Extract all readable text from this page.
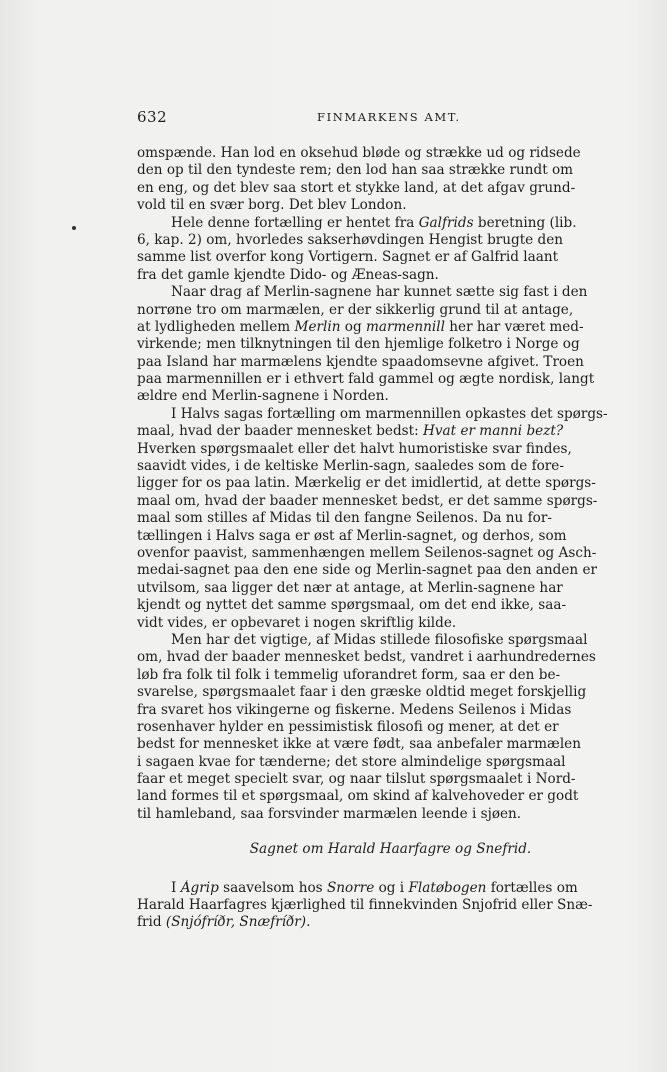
632	FINMARKENS AMT.
omspænde. Han lod en oksehud bløde og strække ud og ridsede
den op til den tyndeste rem; den lod han saa strække rundt om
en eng, og det blev saa stort et stykke land, at det afgav grund-
vold til en svær borg. Det blev London.
Hele denne fortælling er hentet fra Galfrids beretning (lib.
6, kap. 2) om, hvorledes sakserhøvdingen Hengist brugte den
samme list overfor kong Vortigern. Sagnet er af Galfrid laant
fra det gamle kjendte Dido- og Æneas-sagn.
Naar drag af Merlin-sagnene har kunnet sætte sig fast i den
norrøne tro om marmælen, er der sikkerlig grund til at antage,
at lydligheden mellem Merlin og marmennill her har været med-
virkende; men tilknytningen til den hjemlige folketro i Norge og
paa Island har marmælens kjendte spaadomsevne afgivet. Troen
paa marmennillen er i ethvert fald gammel og ægte nordisk, langt
ældre end Merlin-sagnene i Norden.
I Halvs sagas fortælling om marmennillen opkastes det spørgs-
maal, hvad der baader mennesket bedst: Hvat er manni bezt?
Hverken spørgsmaalet eller det halvt humoristiske svar findes,
saavidt vides, i de keltiske Merlin-sagn, saaledes som de fore-
ligger for os paa latin. Mærkelig er det imidlertid, at dette spørgs-
maal om, hvad der baader mennesket bedst, er det samme spørgs-
maal som stilles af Midas til den fangne Seilenos. Da nu for-
tællingen i Halvs saga er øst af Merlin-sagnet, og derhos, som
ovenfor paavist, sammenhængen mellem Seilenos-sagnet og Asch-
medai-sagnet paa den ene side og Merlin-sagnet paa den anden er
utvilsom, saa ligger det nær at antage, at Merlin-sagnene har
kjendt og nyttet det samme spørgsmaal, om det end ikke, saa-
vidt vides, er opbevaret i nogen skriftlig kilde.
Men har det vigtige, af Midas stillede filosofiske spørgsmaal
om, hvad der baader mennesket bedst, vandret i aarhundredernes
løb fra folk til folk i temmelig uforandret form, saa er den be-
svarelse, spørgsmaalet faar i den græske oldtid meget forskjellig
fra svaret hos vikingerne og fiskerne. Medens Seilenos i Midas
rosenhaver hylder en pessimistisk filosofi og mener, at det er
bedst for mennesket ikke at være født, saa anbefaler marmælen
i sagaen kvae for tænderne; det store almindelige spørgsmaal
faar et meget specielt svar, og naar tilslut spørgsmaalet i Nord-
land formes til et spørgsmaal, om skind af kalvehoveder er godt
til hamleband, saa forsvinder marmælen leende i sjøen.
Sagnet om Harald Haarfagre og Snefrid.
I Ágrip saavelsom hos Snorre og i Flatøbogen fortælles om
Harald Haarfagres kjærlighed til finnekvinden Snjofrid eller Snæ-
frid (Snjófríðr, Snæfríðr).
